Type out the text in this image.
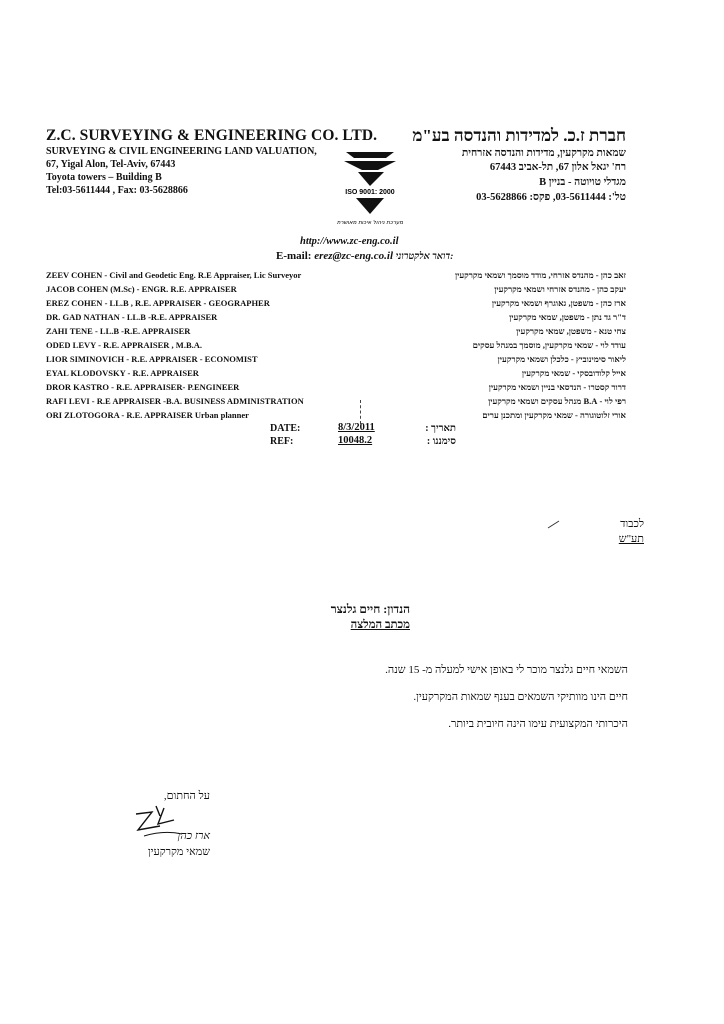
Z.C. SURVEYING & ENGINEERING CO. LTD.
SURVEYING & CIVIL ENGINEERING LAND VALUATION,
67, Yigal Alon, Tel-Aviv, 67443
Toyota towers – Building B
Tel:03-5611444 , Fax: 03-5628866
חברת ז.כ. למדידות והנדסה בע"מ
שמאות מקרקעין, מדידות והנדסה אזרחית
רח' יגאל אלון 67, תל-אביב 67443
מגדלי טויוטה - בניין B
טל': 03-5611444, פקס: 03-5628866
ISO 9001: 2000
מערכת ניהול איכות מאושרת
http://www.zc-eng.co.il
E-mail: erez@zc-eng.co.il :דואר אלקטרוני
ZEEV COHEN - Civil and Geodetic Eng. R.E Appraiser, Lic Surveyor
JACOB COHEN (M.Sc) - ENGR. R.E. APPRAISER
EREZ COHEN - LL.B , R.E. APPRAISER - GEOGRAPHER
DR. GAD NATHAN - LL.B -R.E. APPRAISER
ZAHI TENE - LL.B -R.E. APPRAISER
ODED LEVY - R.E. APPRAISER , M.B.A.
LIOR SIMINOVICH - R.E. APPRAISER - ECONOMIST
EYAL KLODOVSKY - R.E. APPRAISER
DROR KASTRO - R.E. APPRAISER- P.ENGINEER
RAFI LEVI - R.E APPRAISER -B.A. BUSINESS ADMINISTRATION
ORI ZLOTOGORA - R.E. APPRAISER Urban planner
זאב כהן - מהנדס אזרחי, מודד מוסמך ושמאי מקרקעין
יעקב כהן - מהנדס אזרחי ושמאי מקרקעין
ארז כהן - משפטן, גאוגרף ושמאי מקרקעין
ד"ר גד נתן - משפטן, שמאי מקרקעין
צחי טנא - משפטן, שמאי מקרקעין
עודד לוי - שמאי מקרקעין, מוסמך במנהל עסקים
ליאור סימינוביץ - כלכלן ושמאי מקרקעין
אייל קלודובסקי - שמאי מקרקעין
דרור קסטרו - הנדסאי בניין ושמאי מקרקעין
רפי לוי - B.A מנהל עסקים ושמאי מקרקעין
אורי זלוטוגורה - שמאי מקרקעין ומתכנן ערים
DATE:	8/3/2011	תאריך :
REF:	10048.2	סימננו :
לכבוד
תע"ש
הנדון: חיים גלנצר
מכתב המלצה
השמאי חיים גלנצר מוכר לי באופן אישי למעלה מ- 15 שנה.
חיים הינו מוותיקי השמאים בענף שמאות המקרקעין.
היכרותי המקצועית עימו הינה חיובית ביותר.
על החתום,
ארז כהן
שמאי מקרקעין
